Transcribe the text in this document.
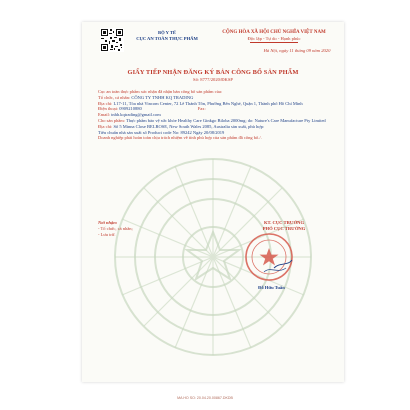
BỘ Y TẾ
CỤC AN TOÀN THỰC PHẨM
CỘNG HÒA XÃ HỘI CHỦ NGHĨA VIỆT NAM
Độc lập - Tự do - Hạnh phúc
Hà Nội, ngày 11 tháng 09 năm 2020
GIẤY TIẾP NHẬN ĐĂNG KÝ BẢN CÔNG BỐ SẢN PHẨM
Số: 8777/2020/ĐKSP

Cục an toàn thực phẩm xác nhận đã nhận bản công bố sản phẩm của:

Tổ chức, cá nhân: CÔNG TY TNHH KQ TRADING

Địa chỉ: L17-11, Tòa nhà Vincom Center, 72 Lê Thánh Tôn, Phường Bến Nghé, Quận 1, Thành phố Hồ Chí Minh

Điện thoại: 0909210880	Fax:

Email: tnhh.kqtrading@gmail.com

Cho sản phẩm: Thực phẩm bảo vệ sức khỏe Healthy Care Ginkgo Biloba 2000mg; do: Nature's Care Manufacture Pty Limited

Địa chỉ: Số 5 Minna Close BELROSE, New South Wales 2085, Australia sản xuất, phù hợp:

Tiêu chuẩn nhà sản xuất số Product code No: 89242 Ngày 20/08/2019

Doanh nghiệp phải hoàn toàn chịu trách nhiệm về tính phù hợp của sản phẩm đã công bố./.

Nơi nhận:
- Tổ chức, cá nhân;
- Lưu trữ.
KT. CỤC TRƯỞNG
PHÓ CỤC TRƯỞNG
Đỗ Hữu Tuấn
MA HO SO: 20.04.20.00867.DKDB
